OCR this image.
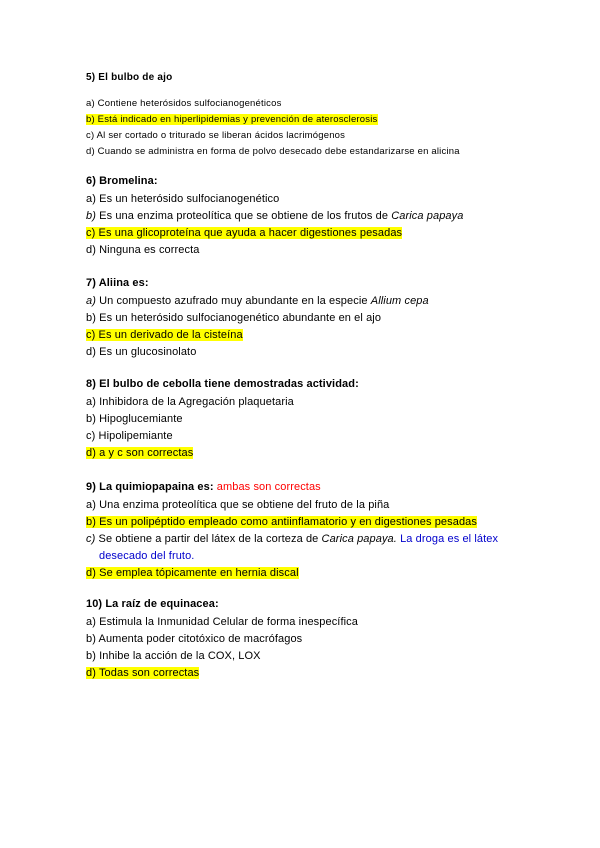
5) El bulbo de ajo
a) Contiene heterósidos sulfocianogenéticos
b) Está indicado en hiperlipidemias y prevención de aterosclerosis
c) Al ser cortado o triturado se liberan ácidos lacrimógenos
d) Cuando se administra en forma de polvo desecado debe estandarizarse en alicina
6) Bromelina:
a) Es un heterósido sulfocianogenético
b) Es una enzima proteolítica que se obtiene de los frutos de Carica papaya
c) Es una glicoproteína que ayuda a hacer digestiones pesadas
d) Ninguna es correcta
7) Aliina es:
a) Un compuesto azufrado muy abundante en la especie Allium cepa
b) Es un heterósido sulfocianogenético abundante en el ajo
c) Es un derivado de la cisteína
d) Es un glucosinolato
8) El bulbo de cebolla tiene demostradas actividad:
a) Inhibidora de la Agregación plaquetaria
b) Hipoglucemiante
c) Hipolipemiante
d) a y c son correctas
9) La quimiopapaina es: ambas son correctas
a) Una enzima proteolítica que se obtiene del fruto de la piña
b) Es un polipéptido empleado como antiinflamatorio y en digestiones pesadas
c) Se obtiene a partir del látex de la corteza de Carica papaya. La droga es el látex
desecado del fruto.
d) Se emplea tópicamente en hernia discal
10) La raíz de equinacea:
a) Estimula la Inmunidad Celular de forma inespecífica
b) Aumenta poder citotóxico de macrófagos
b) Inhibe la acción de la COX, LOX
d) Todas son correctas
